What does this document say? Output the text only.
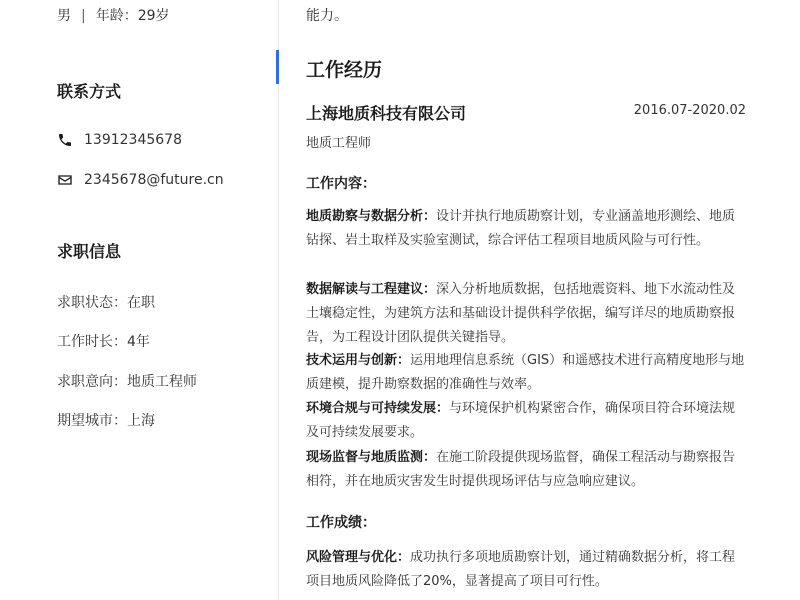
男 | 年龄：29岁
联系方式
13912345678
2345678@future.cn
求职信息
求职状态：在职
工作时长：4年
求职意向：地质工程师
期望城市：上海
能力。
工作经历
上海地质科技有限公司	2016.07-2020.02
地质工程师
工作内容：
地质勘察与数据分析：设计并执行地质勘察计划，专业涵盖地形测绘、地质钻探、岩土取样及实验室测试，综合评估工程项目地质风险与可行性。
数据解读与工程建议：深入分析地质数据，包括地震资料、地下水流动性及土壤稳定性，为建筑方法和基础设计提供科学依据，编写详尽的地质勘察报告，为工程设计团队提供关键指导。
技术运用与创新：运用地理信息系统（GIS）和遥感技术进行高精度地形与地质建模，提升勘察数据的准确性与效率。
环境合规与可持续发展：与环境保护机构紧密合作，确保项目符合环境法规及可持续发展要求。
现场监督与地质监测：在施工阶段提供现场监督，确保工程活动与勘察报告相符，并在地质灾害发生时提供现场评估与应急响应建议。
工作成绩：
风险管理与优化：成功执行多项地质勘察计划，通过精确数据分析，将工程项目地质风险降低了20%，显著提高了项目可行性。
